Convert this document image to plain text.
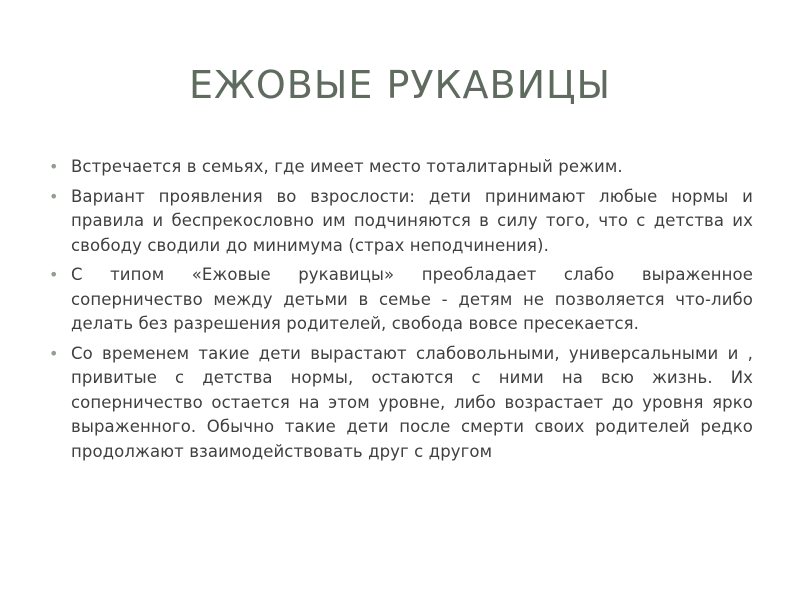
ЕЖОВЫЕ РУКАВИЦЫ
• Встречается в семьях, где имеет место тоталитарный режим.
• Вариант проявления во взрослости: дети принимают любые нормы и правила и беспрекословно им подчиняются в силу того, что с детства их свободу сводили до минимума (страх неподчинения).
• С типом «Ежовые рукавицы» преобладает слабо выраженное соперничество между детьми в семье - детям не позволяется что-либо делать без разрешения родителей, свобода вовсе пресекается.
• Со временем такие дети вырастают слабовольными, универсальными и , привитые с детства нормы, остаются с ними на всю жизнь. Их соперничество остается на этом уровне, либо возрастает до уровня ярко выраженного. Обычно такие дети после смерти своих родителей редко продолжают взаимодействовать друг с другом
